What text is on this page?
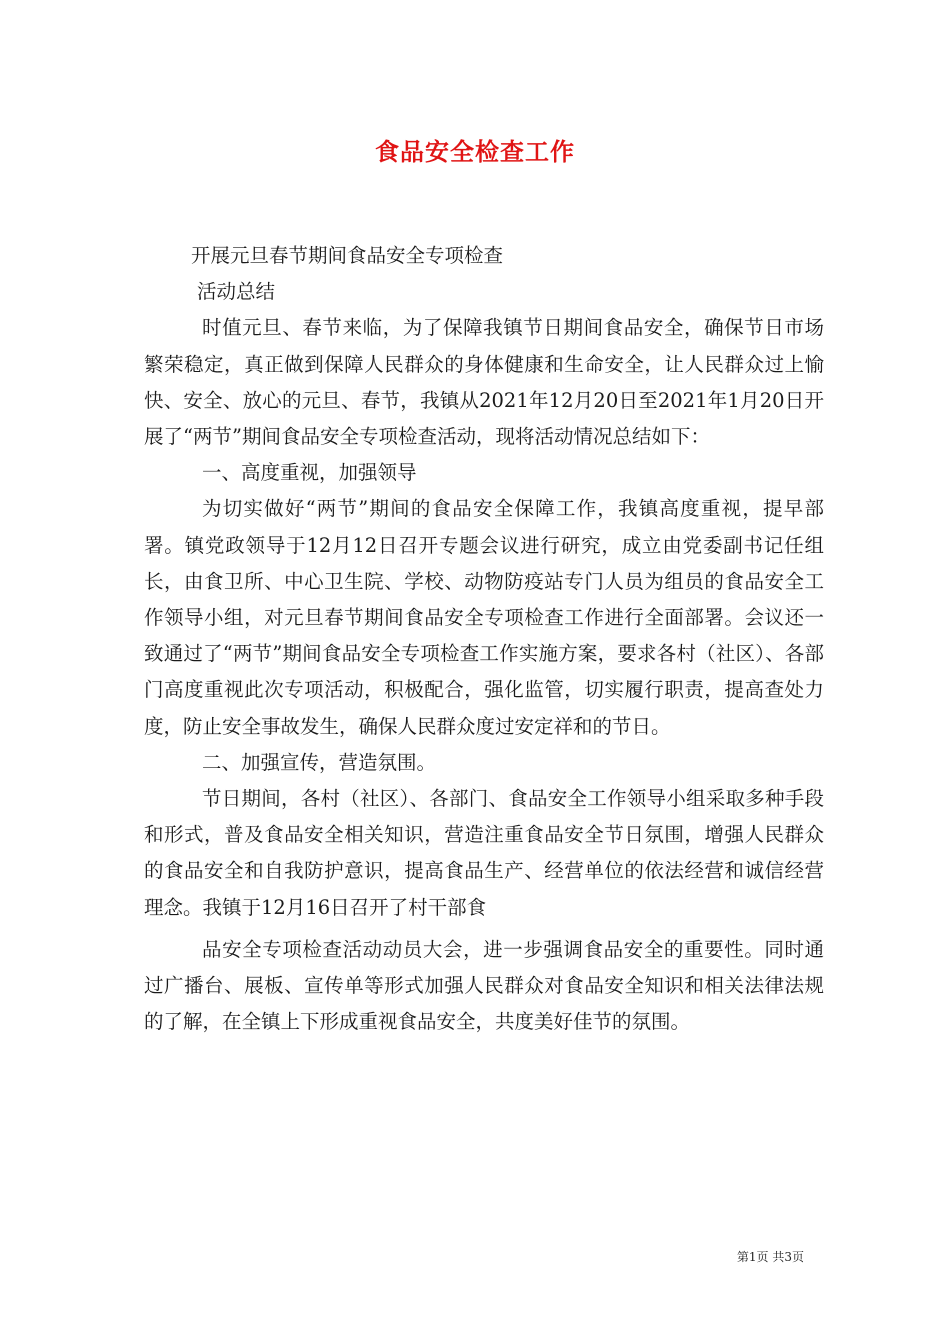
食品安全检查工作

开展元旦春节期间食品安全专项检查

活动总结

时值元旦、春节来临，为了保障我镇节日期间食品安全，确保节日市场繁荣稳定，真正做到保障人民群众的身体健康和生命安全，让人民群众过上愉快、安全、放心的元旦、春节，我镇从2021年12月20日至2021年1月20日开展了“两节”期间食品安全专项检查活动，现将活动情况总结如下：

一、高度重视，加强领导

为切实做好“两节”期间的食品安全保障工作，我镇高度重视，提早部署。镇党政领导于12月12日召开专题会议进行研究，成立由党委副书记任组长，由食卫所、中心卫生院、学校、动物防疫站专门人员为组员的食品安全工作领导小组，对元旦春节期间食品安全专项检查工作进行全面部署。会议还一致通过了“两节”期间食品安全专项检查工作实施方案，要求各村（社区）、各部门高度重视此次专项活动，积极配合，强化监管，切实履行职责，提高查处力度，防止安全事故发生，确保人民群众度过安定祥和的节日。

二、加强宣传，营造氛围。

节日期间，各村（社区）、各部门、食品安全工作领导小组采取多种手段和形式，普及食品安全相关知识，营造注重食品安全节日氛围，增强人民群众的食品安全和自我防护意识，提高食品生产、经营单位的依法经营和诚信经营理念。我镇于12月16日召开了村干部食

品安全专项检查活动动员大会，进一步强调食品安全的重要性。同时通过广播台、展板、宣传单等形式加强人民群众对食品安全知识和相关法律法规的了解，在全镇上下形成重视食品安全，共度美好佳节的氛围。

第1页 共3页
